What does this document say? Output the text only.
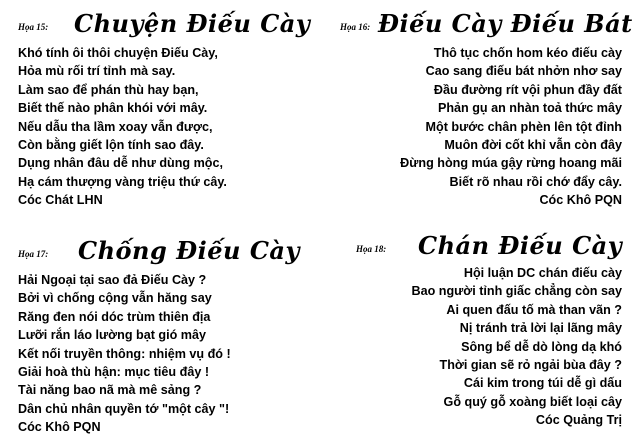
Họa 15: Chuyện Điếu Cày
Khó tính ôi thôi chuyện Điếu Cày,
Hỏa mù rối trí tỉnh mà say.
Làm sao để phán thù hay bạn,
Biết thế nào phân khói với mây.
Nếu dẫu tha lầm xoay vẫn được,
Còn bằng giết lộn tính sao đây.
Dụng nhân đâu dễ như dùng mộc,
Hạ cám thượng vàng triệu thứ cây.
Cóc Chát LHN
Họa 16: Điếu Cày Điếu Bát
Thô tục chốn hom kéo điếu cày
Cao sang điếu bát nhởn nhơ say
Đầu đường rít vội phun đầy đất
Phản gụ an nhàn toả thức mây
Một bước chân phèn lên tột đỉnh
Muôn đời cốt khỉ vẫn còn đây
Đừng hòng múa gậy rừng hoang mãi
Biết rõ nhau rồi chớ đẩy cây.
Cóc Khô PQN
Họa 17: Chống Điếu Cày
Hải Ngoại tại sao đả Điếu Cày ?
Bởi vì chống cộng vẫn hăng say
Răng đen nói dóc trùm thiên địa
Lưỡi rắn láo lường bạt gió mây
Kết nối truyền thông: nhiệm vụ đó !
Giải hoà thù hận: mục tiêu đây !
Tài năng bao nã mà mê sảng ?
Dân chủ nhân quyền tớ "một cây "!
Cóc Khô PQN
Họa 18: Chán Điếu Cày
Hội luận DC chán điếu cày
Bao người tỉnh giấc chẳng còn say
Ai quen đấu tố mà than vãn ?
Nị tránh trả lời lại lãng mây
Sông bể dễ dò lòng dạ khó
Thời gian sẽ rỏ ngải bùa đây ?
Cái kim trong túi dễ gì dấu
Gỗ quý gỗ xoàng biết loại cây
Cóc Quảng Trị
